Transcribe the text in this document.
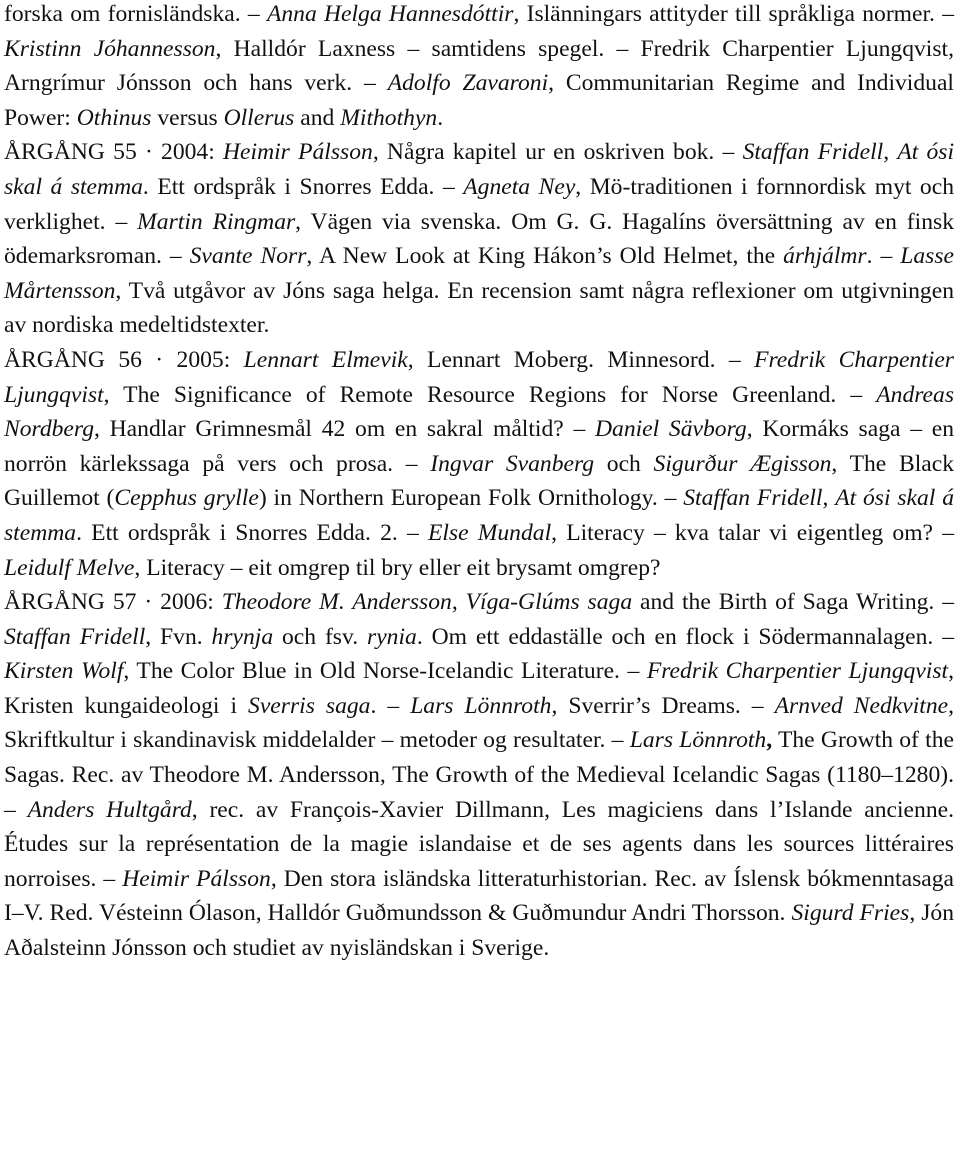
forska om fornisländska. – Anna Helga Hannesdóttir, Islänningars attityder till språkliga normer. – Kristinn Jóhannesson, Halldór Laxness – samtidens spegel. – Fredrik Charpentier Ljungqvist, Arngrímur Jónsson och hans verk. – Adolfo Zavaroni, Communitarian Regime and Individual Power: Othinus versus Ollerus and Mithothyn.

ÅRGÅNG 55 · 2004: Heimir Pálsson, Några kapitel ur en oskriven bok. – Staffan Fridell, At ósi skal á stemma. Ett ordspråk i Snorres Edda. – Agneta Ney, Mö-traditionen i fornnordisk myt och verklighet. – Martin Ringmar, Vägen via svenska. Om G. G. Hagalíns översättning av en finsk ödemarksroman. – Svante Norr, A New Look at King Hákon’s Old Helmet, the árhjálmr. – Lasse Mårtensson, Två utgåvor av Jóns saga helga. En recension samt några reflexioner om utgivningen av nordiska medeltidstexter.

ÅRGÅNG 56 · 2005: Lennart Elmevik, Lennart Moberg. Minnesord. – Fredrik Charpentier Ljungqvist, The Significance of Remote Resource Regions for Norse Greenland. – Andreas Nordberg, Handlar Grimnesmål 42 om en sakral måltid? – Daniel Sävborg, Kormáks saga – en norrön kärlekssaga på vers och prosa. – Ingvar Svanberg och Sigurður Ægisson, The Black Guillemot (Cepphus grylle) in Northern European Folk Ornithology. – Staffan Fridell, At ósi skal á stemma. Ett ordspråk i Snorres Edda. 2. – Else Mundal, Literacy – kva talar vi eigentleg om? – Leidulf Melve, Literacy – eit omgrep til bry eller eit brysamt omgrep?

ÅRGÅNG 57 · 2006: Theodore M. Andersson, Víga-Glúms saga and the Birth of Saga Writing. – Staffan Fridell, Fvn. hrynja och fsv. rynia. Om ett eddaställe och en flock i Södermannalagen. – Kirsten Wolf, The Color Blue in Old Norse-Icelandic Literature. – Fredrik Charpentier Ljungqvist, Kristen kungaideologi i Sverris saga. – Lars Lönnroth, Sverrir’s Dreams. – Arnved Nedkvitne, Skriftkultur i skandinavisk middelalder – metoder og resultater. – Lars Lönnroth, The Growth of the Sagas. Rec. av Theodore M. Andersson, The Growth of the Medieval Icelandic Sagas (1180–1280). – Anders Hultgård, rec. av François-Xavier Dillmann, Les magiciens dans l’Islande ancienne. Études sur la représentation de la magie islandaise et de ses agents dans les sources littéraires norroises. – Heimir Pálsson, Den stora isländska litteraturhistorian. Rec. av Íslensk bókmenntasaga I–V. Red. Vésteinn Ólason, Halldór Guðmundsson & Guðmundur Andri Thorsson. Sigurd Fries, Jón Aðalsteinn Jónsson och studiet av nyisländskan i Sverige.
